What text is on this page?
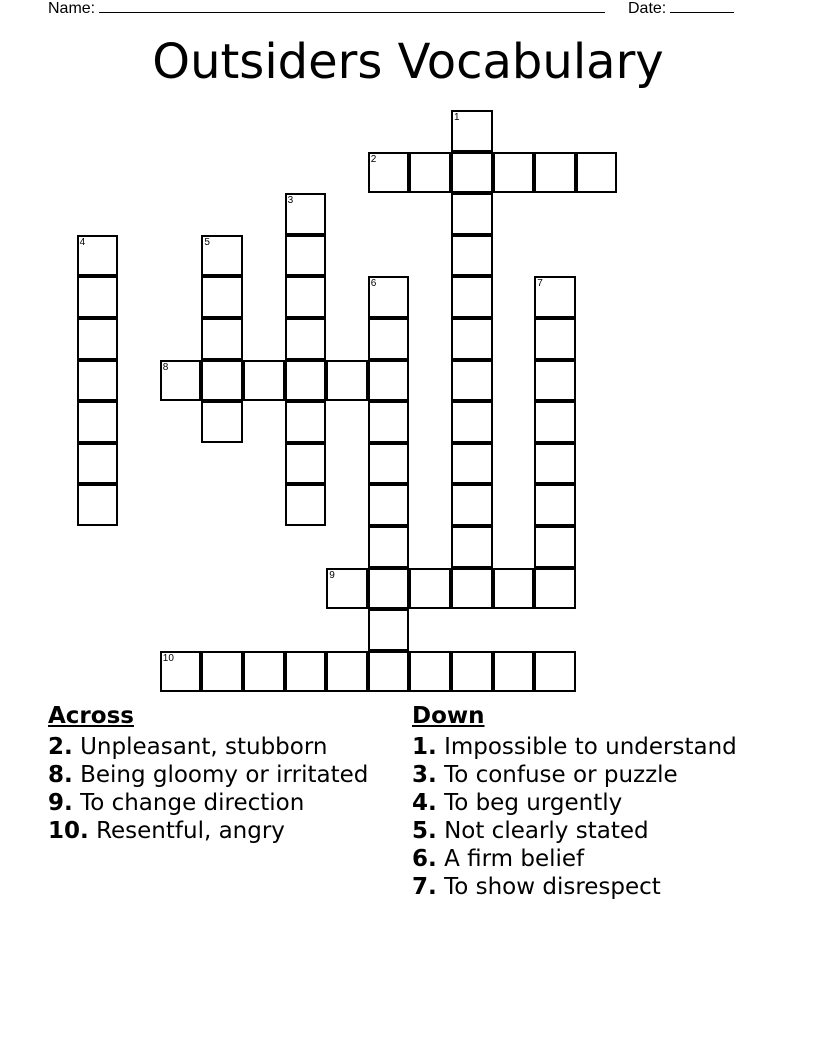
Name:	Date:
Outsiders Vocabulary
1
2
3
4	5
6	7
8
9
10
Across
2. Unpleasant, stubborn
8. Being gloomy or irritated
9. To change direction
10. Resentful, angry
Down
1. Impossible to understand
3. To confuse or puzzle
4. To beg urgently
5. Not clearly stated
6. A firm belief
7. To show disrespect
